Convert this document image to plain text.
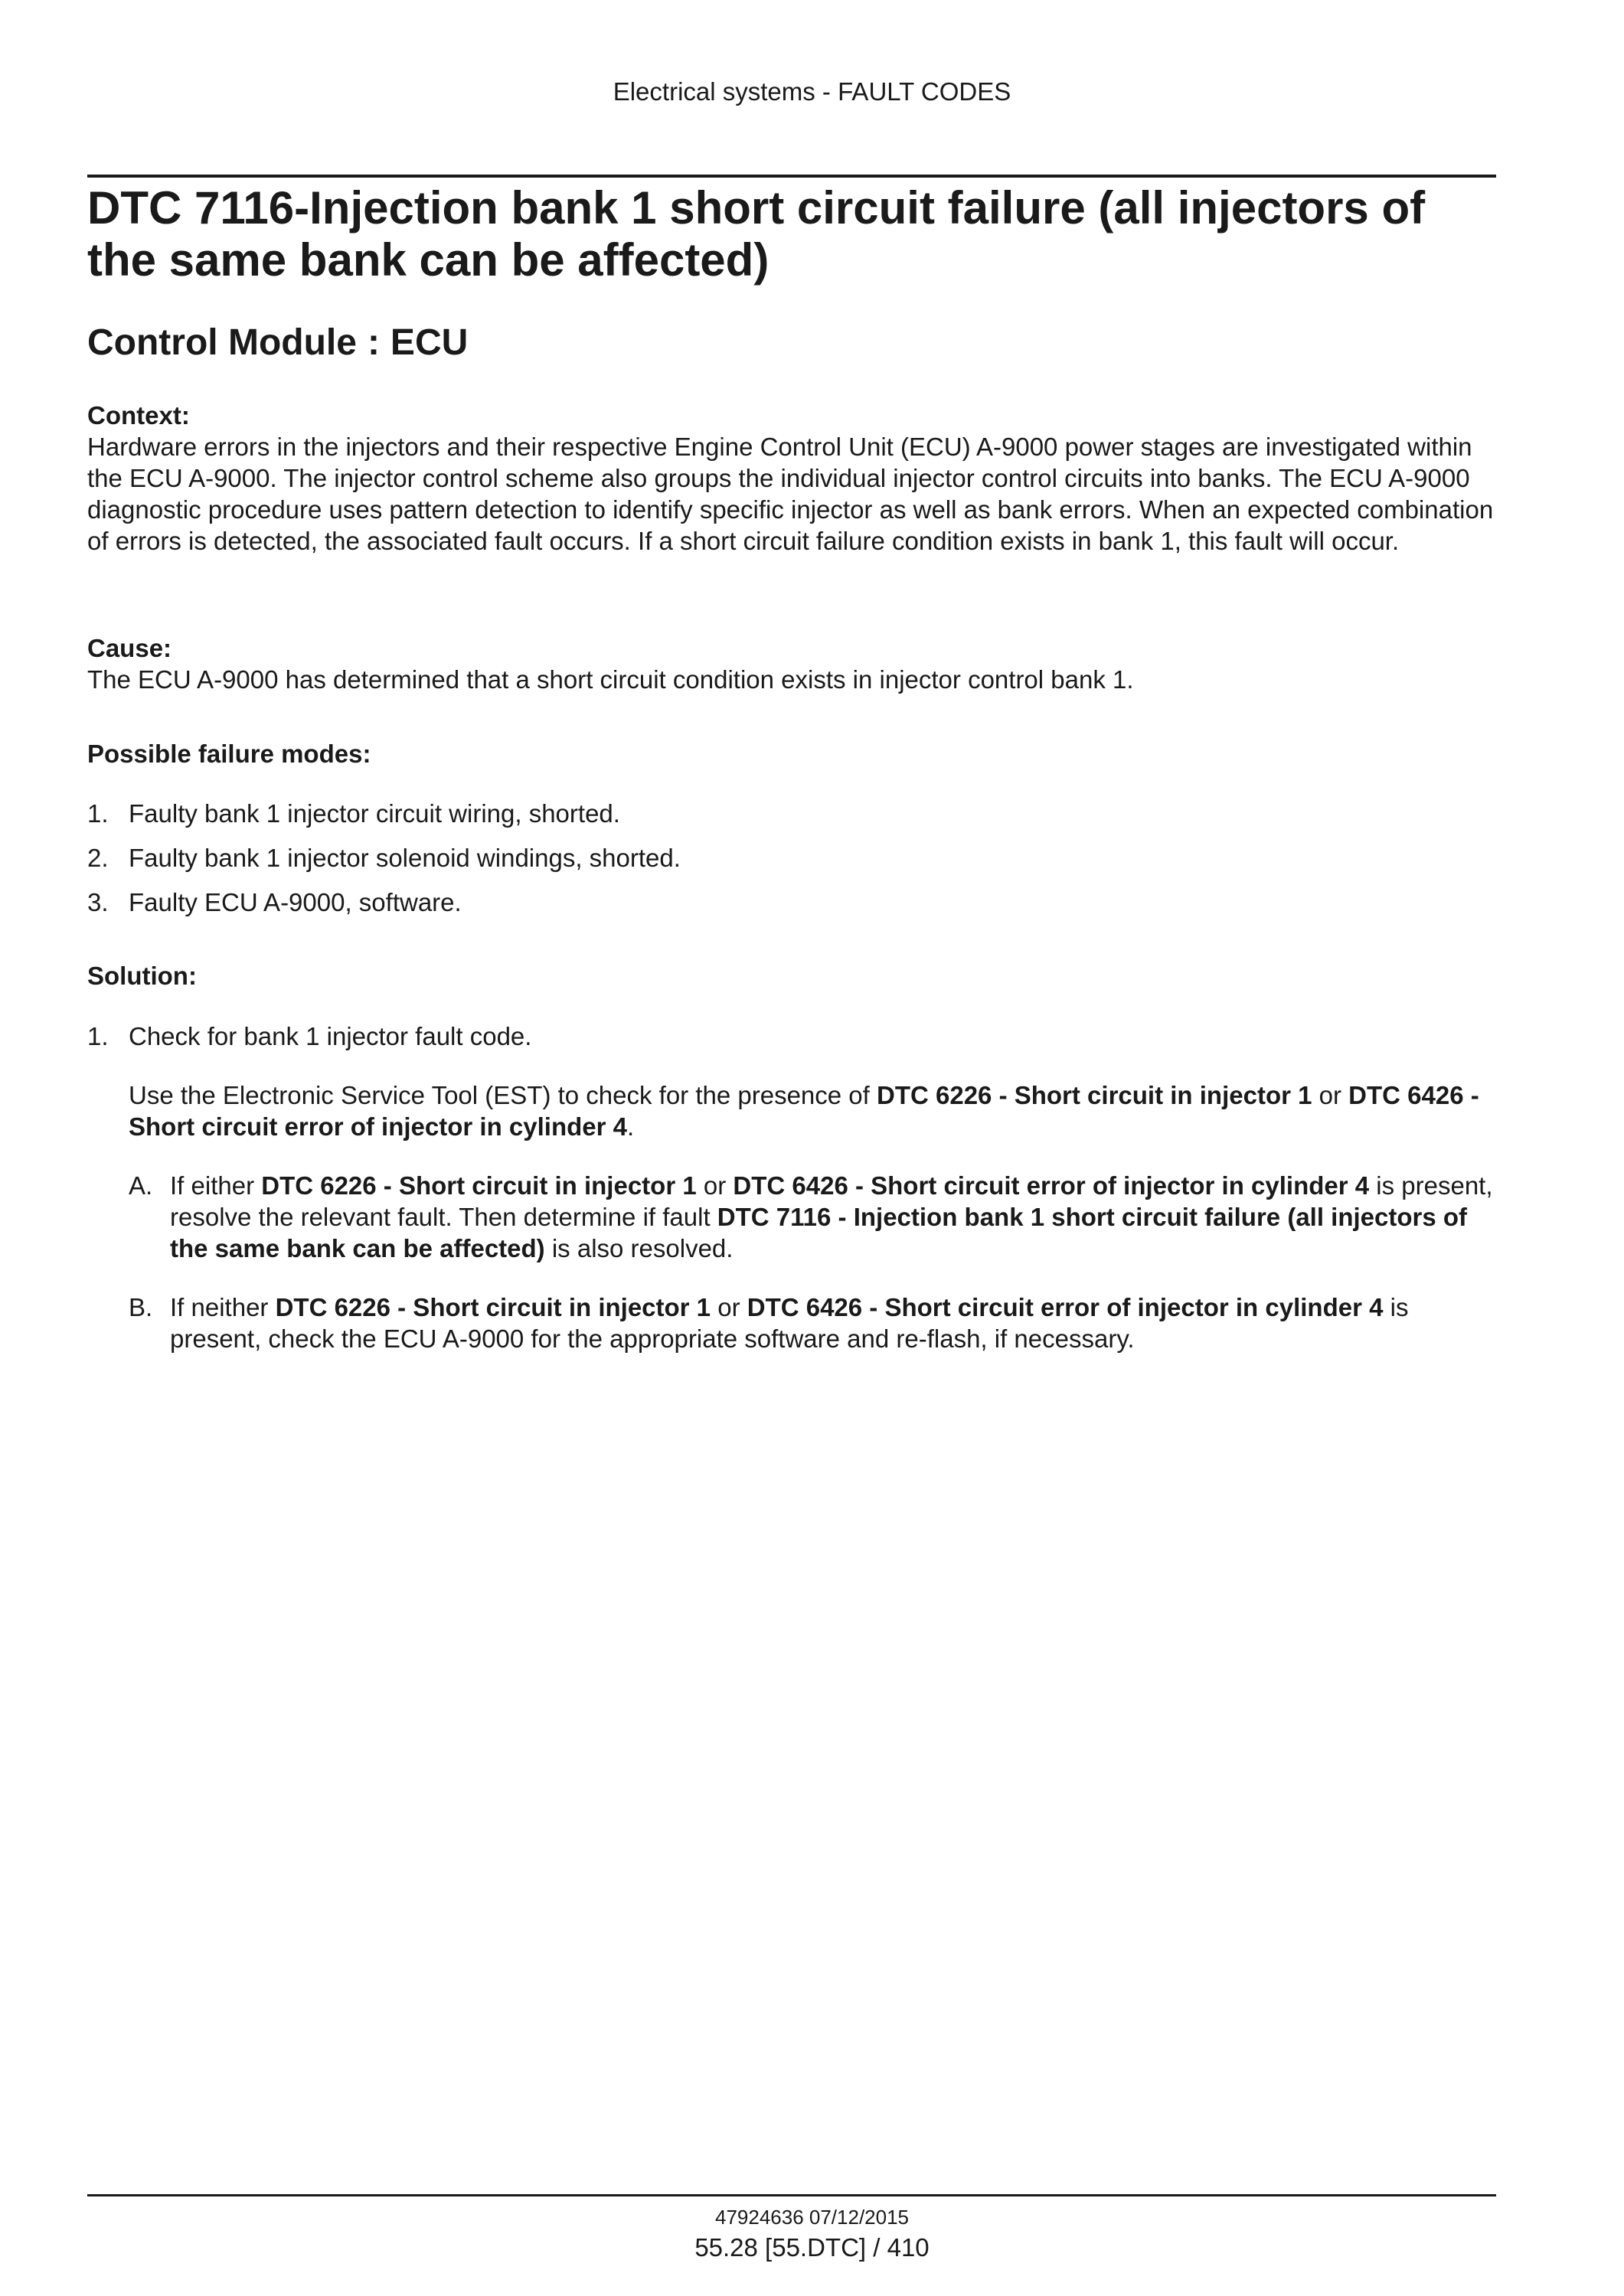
Electrical systems - FAULT CODES
DTC 7116-Injection bank 1 short circuit failure (all injectors of the same bank can be affected)
Control Module : ECU
Context:

Hardware errors in the injectors and their respective Engine Control Unit (ECU) A-9000 power stages are investigated within the ECU A-9000. The injector control scheme also groups the individual injector control circuits into banks. The ECU A-9000 diagnostic procedure uses pattern detection to identify specific injector as well as bank errors. When an expected combination of errors is detected, the associated fault occurs. If a short circuit failure condition exists in bank 1, this fault will occur.

Cause:

The ECU A-9000 has determined that a short circuit condition exists in injector control bank 1.

Possible failure modes:
1. Faulty bank 1 injector circuit wiring, shorted.
2. Faulty bank 1 injector solenoid windings, shorted.
3. Faulty ECU A-9000, software.
Solution:
1. Check for bank 1 injector fault code.

Use the Electronic Service Tool (EST) to check for the presence of DTC 6226 - Short circuit in injector 1 or DTC 6426 - Short circuit error of injector in cylinder 4.

A. If either DTC 6226 - Short circuit in injector 1 or DTC 6426 - Short circuit error of injector in cylinder 4 is present, resolve the relevant fault. Then determine if fault DTC 7116 - Injection bank 1 short circuit failure (all injectors of the same bank can be affected) is also resolved.

B. If neither DTC 6226 - Short circuit in injector 1 or DTC 6426 - Short circuit error of injector in cylinder 4 is present, check the ECU A-9000 for the appropriate software and re-flash, if necessary.

47924636 07/12/2015
55.28 [55.DTC] / 410
